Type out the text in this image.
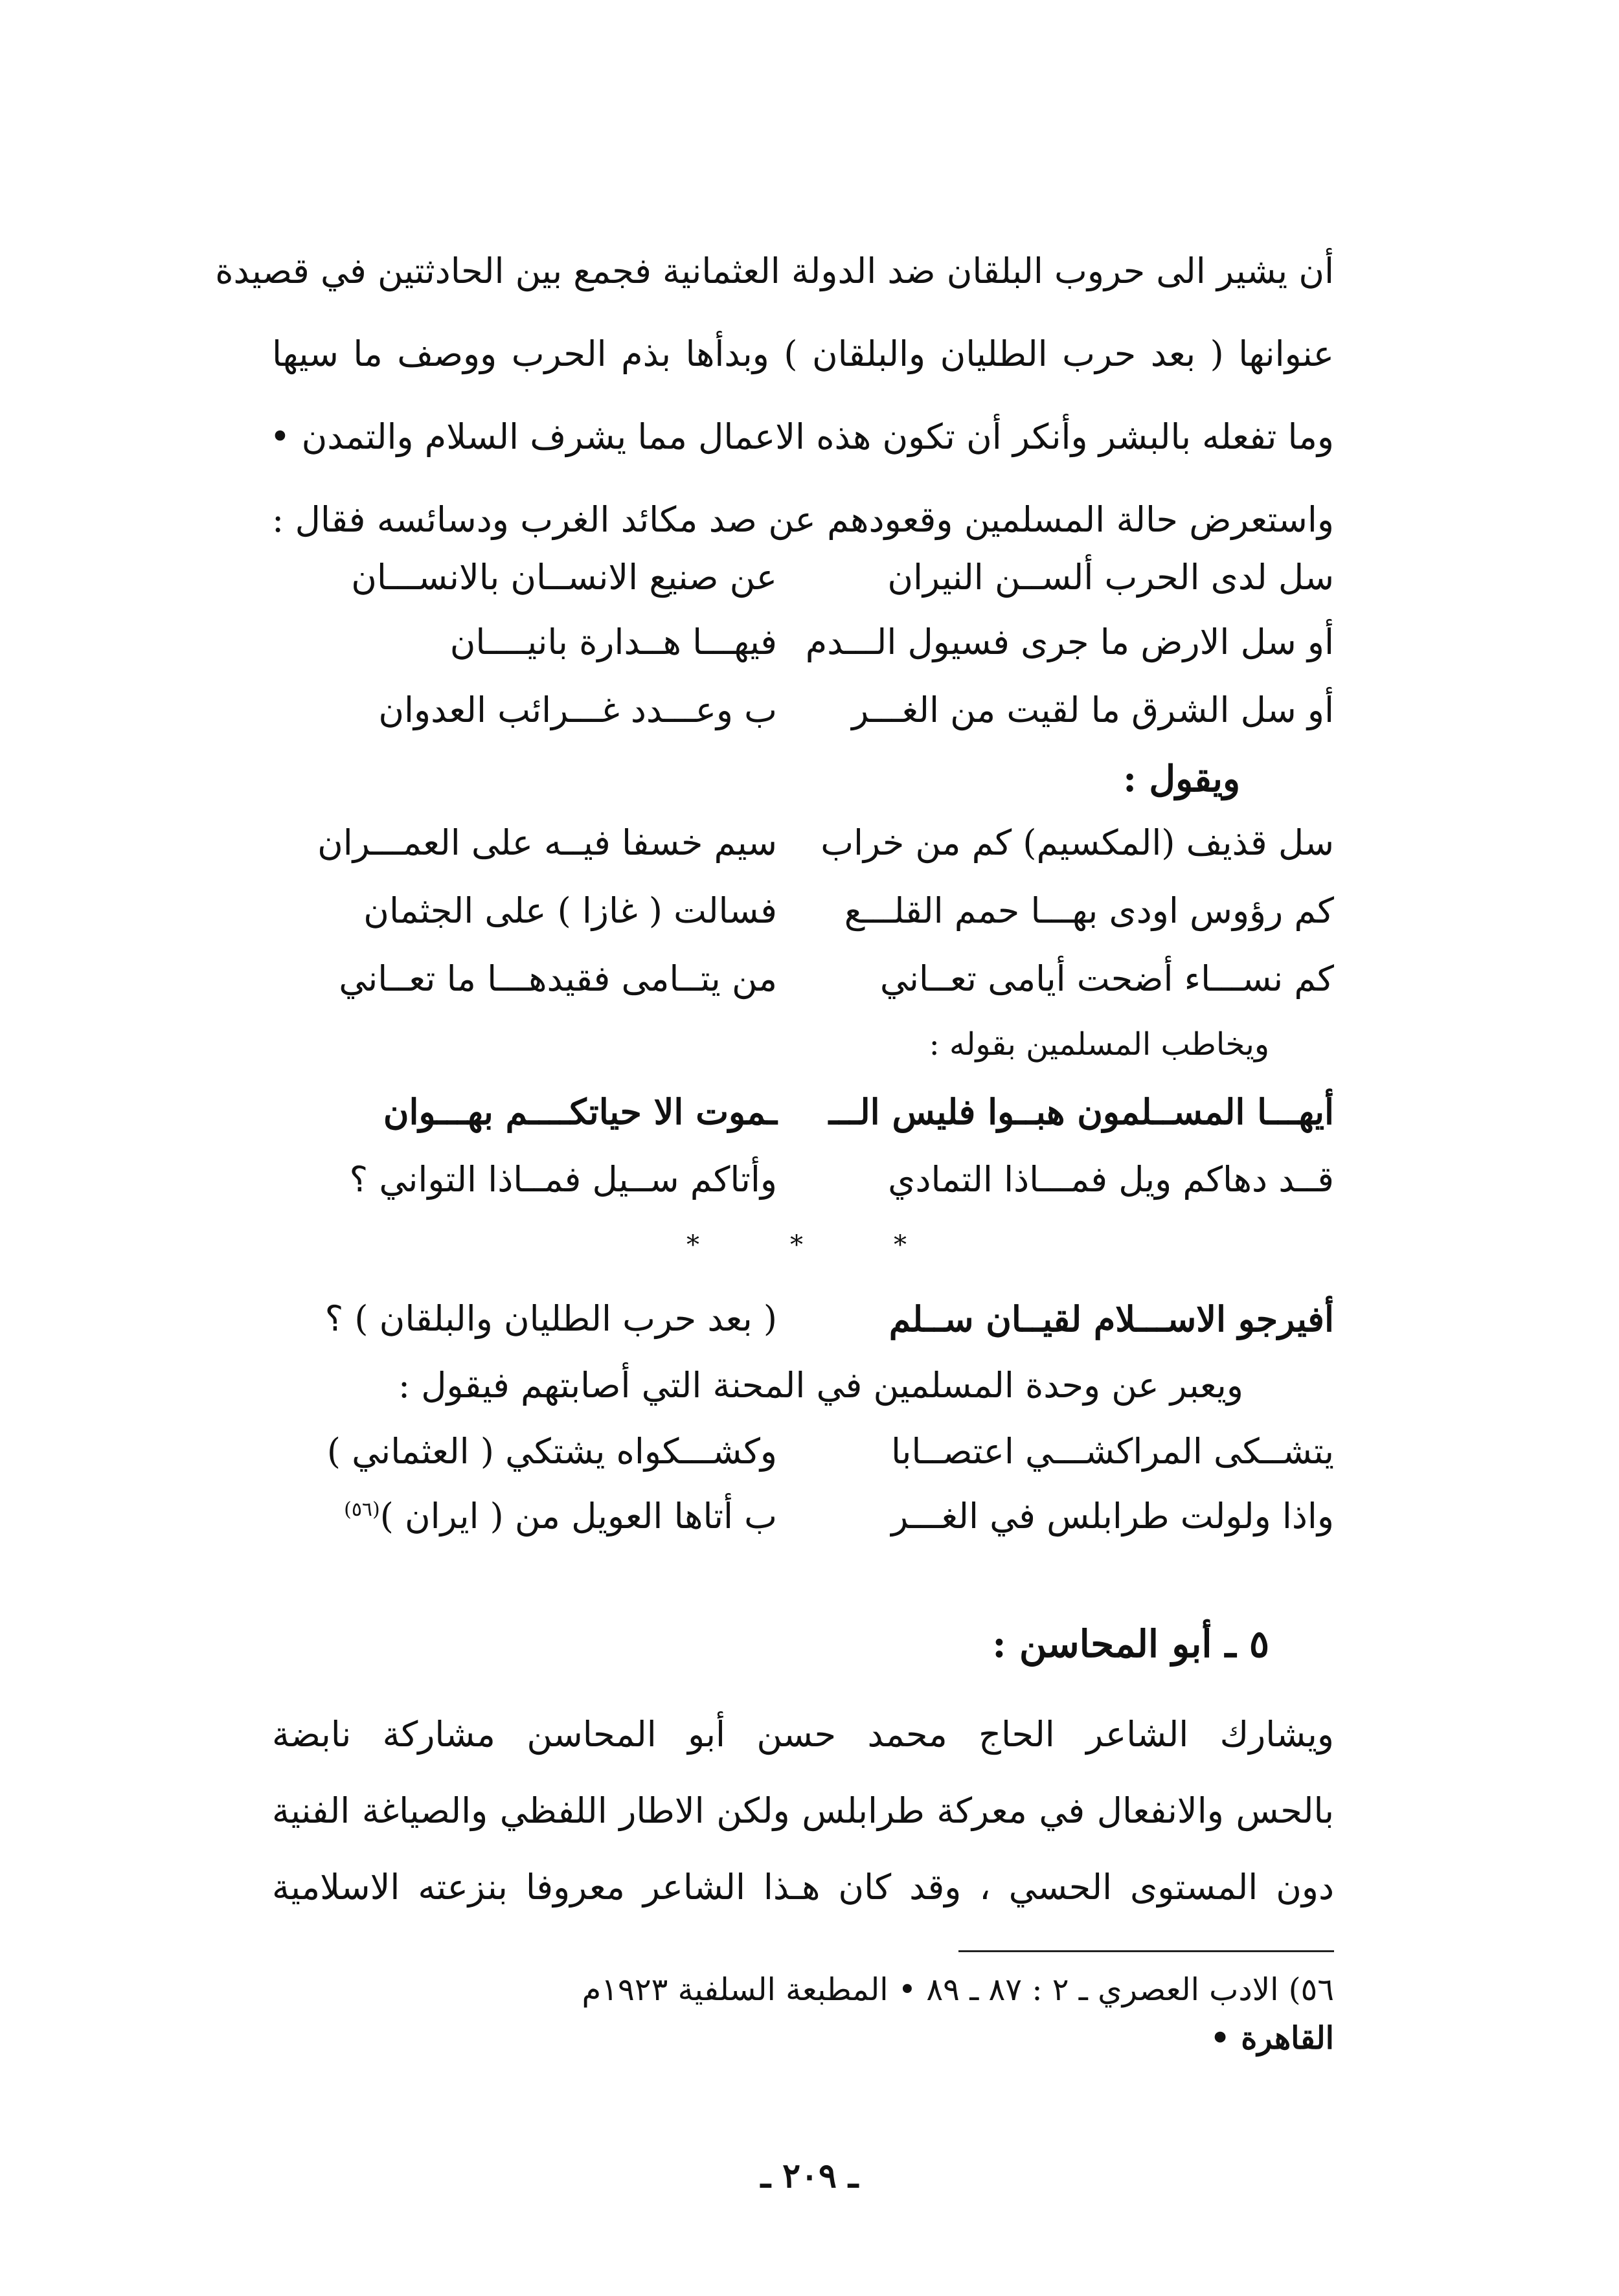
أن يشير الى حروب البلقان ضد الدولة العثمانية فجمع بين الحادثتين في قصيدة
عنوانها ( بعد حرب الطليان والبلقان ) وبدأها بذم الحرب ووصف ما سيها
وما تفعله بالبشر وأنكر أن تكون هذه الاعمال مما يشرف السلام والتمدن •
واستعرض حالة المسلمين وقعودهم عن صد مكائد الغرب ودسائسه فقال :

سل لدى الحرب ألســن النيران
عن صنيع الانســان بالانســـان
أو سل الارض ما جرى فسيول الـــدم
فيهـــا هــدارة بانيــــان
أو سل الشرق ما لقيت من الغـــر
ب وعـــدد غـــرائب العدوان
ويقول :
سل قذيف (المكسيم) كم من خراب
سيم خسفا فيــه على العمـــران
كم رؤوس اودى بهـــا حمم القلـــع
فسالت ( غازا ) على الجثمان
كم نســـاء أضحت أيامى تعــاني
من يتــامى فقيدهـــا ما تعــاني
ويخاطب المسلمين بقوله :
أيهـــا المســلمون هبــوا فليس الـــ
ـموت الا حياتكــــم بهـــوان
قــد دهاكم ويل فمـــاذا التمادي
وأتاكم ســيل فمــاذا التواني ؟
*
*
*
أفيرجو الاســـلام لقيــان ســلم
( بعد حرب الطليان والبلقان ) ؟
ويعبر عن وحدة المسلمين في المحنة التي أصابتهم فيقول :
يتشــكى المراكشـــي اعتصــابا
وكشـــكواه يشتكي ( العثماني )
واذا ولولت طرابلس في الغـــر
ب أتاها العويل من ( ايران )$^{(٥٦)}$
٥ ـ أبو المحاسن :

ويشارك الشاعر الحاج محمد حسن أبو المحاسن مشاركة نابضة
بالحس والانفعال في معركة طرابلس ولكن الاطار اللفظي والصياغة الفنية
دون المستوى الحسي ، وقد كان هـذا الشاعر معروفا بنزعته الاسلامية

٥٦) الادب العصري ـ ٢ : ٨٧ ـ ٨٩ • المطبعة السلفية ١٩٢٣م
القاهرة •
ـ ٢٠٩ ـ
